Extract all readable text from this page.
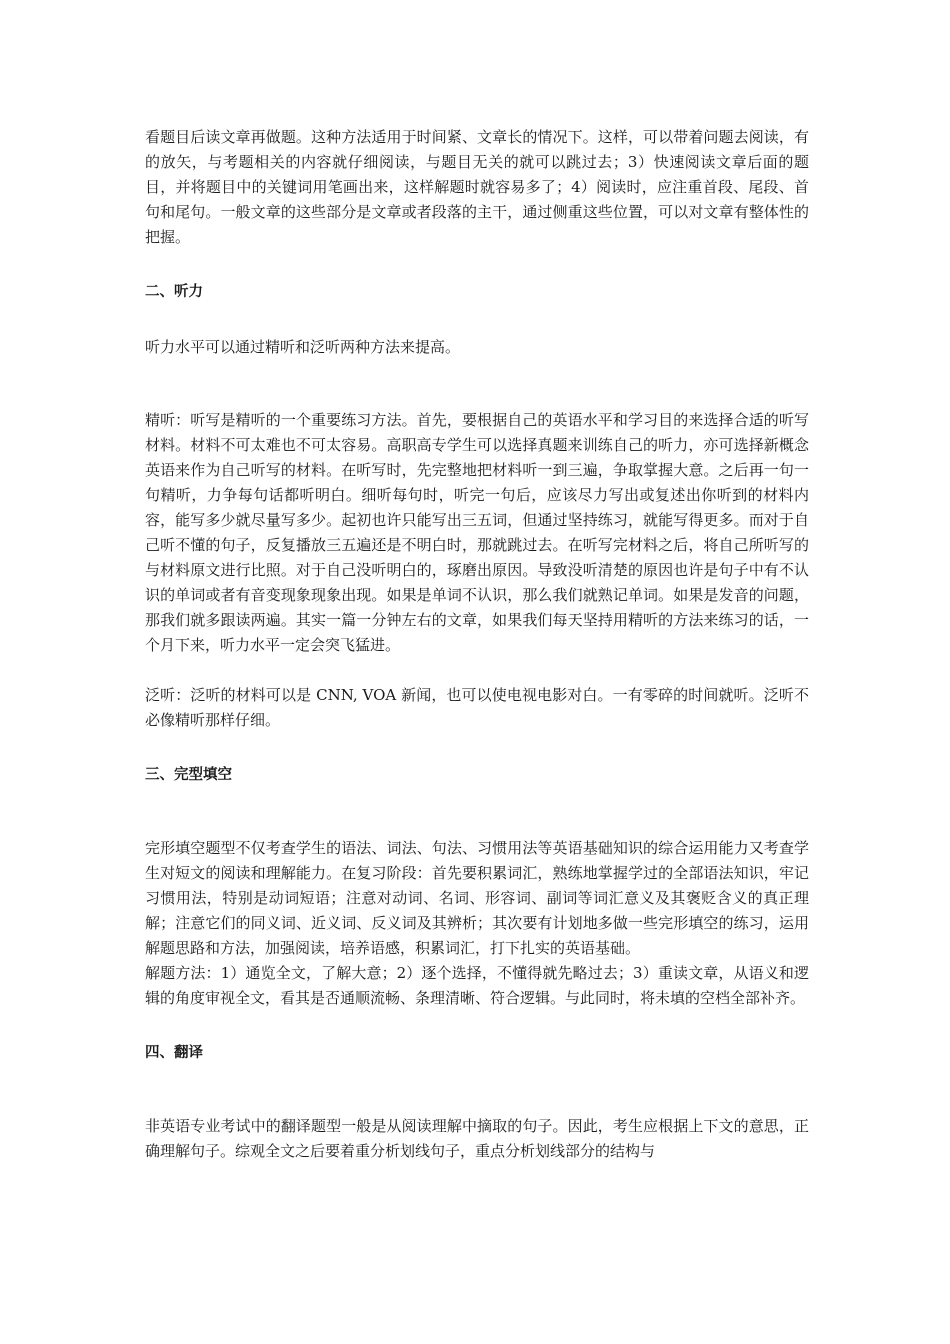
看题目后读文章再做题。这种方法适用于时间紧、文章长的情况下。这样，可以带着问题去阅读，有的放矢，与考题相关的内容就仔细阅读，与题目无关的就可以跳过去；3）快速阅读文章后面的题目，并将题目中的关键词用笔画出来，这样解题时就容易多了；4）阅读时，应注重首段、尾段、首句和尾句。一般文章的这些部分是文章或者段落的主干，通过侧重这些位置，可以对文章有整体性的把握。

二、听力

听力水平可以通过精听和泛听两种方法来提高。

精听：听写是精听的一个重要练习方法。首先，要根据自己的英语水平和学习目的来选择合适的听写材料。材料不可太难也不可太容易。高职高专学生可以选择真题来训练自己的听力，亦可选择新概念英语来作为自己听写的材料。在听写时，先完整地把材料听一到三遍，争取掌握大意。之后再一句一句精听，力争每句话都听明白。细听每句时，听完一句后，应该尽力写出或复述出你听到的材料内容，能写多少就尽量写多少。起初也许只能写出三五词，但通过坚持练习，就能写得更多。而对于自己听不懂的句子，反复播放三五遍还是不明白时，那就跳过去。在听写完材料之后，将自己所听写的与材料原文进行比照。对于自己没听明白的，琢磨出原因。导致没听清楚的原因也许是句子中有不认识的单词或者有音变现象现象出现。如果是单词不认识，那么我们就熟记单词。如果是发音的问题，那我们就多跟读两遍。其实一篇一分钟左右的文章，如果我们每天坚持用精听的方法来练习的话，一个月下来，听力水平一定会突飞猛进。

泛听：泛听的材料可以是 CNN, VOA 新闻，也可以使电视电影对白。一有零碎的时间就听。泛听不必像精听那样仔细。

三、完型填空

完形填空题型不仅考查学生的语法、词法、句法、习惯用法等英语基础知识的综合运用能力又考查学生对短文的阅读和理解能力。在复习阶段：首先要积累词汇，熟练地掌握学过的全部语法知识，牢记习惯用法，特别是动词短语；注意对动词、名词、形容词、副词等词汇意义及其褒贬含义的真正理解；注意它们的同义词、近义词、反义词及其辨析；其次要有计划地多做一些完形填空的练习，运用解题思路和方法，加强阅读，培养语感，积累词汇，打下扎实的英语基础。

解题方法：1）通览全文，了解大意；2）逐个选择，不懂得就先略过去；3）重读文章，从语义和逻辑的角度审视全文，看其是否通顺流畅、条理清晰、符合逻辑。与此同时，将未填的空档全部补齐。

四、翻译

非英语专业考试中的翻译题型一般是从阅读理解中摘取的句子。因此，考生应根据上下文的意思，正确理解句子。综观全文之后要着重分析划线句子，重点分析划线部分的结构与
